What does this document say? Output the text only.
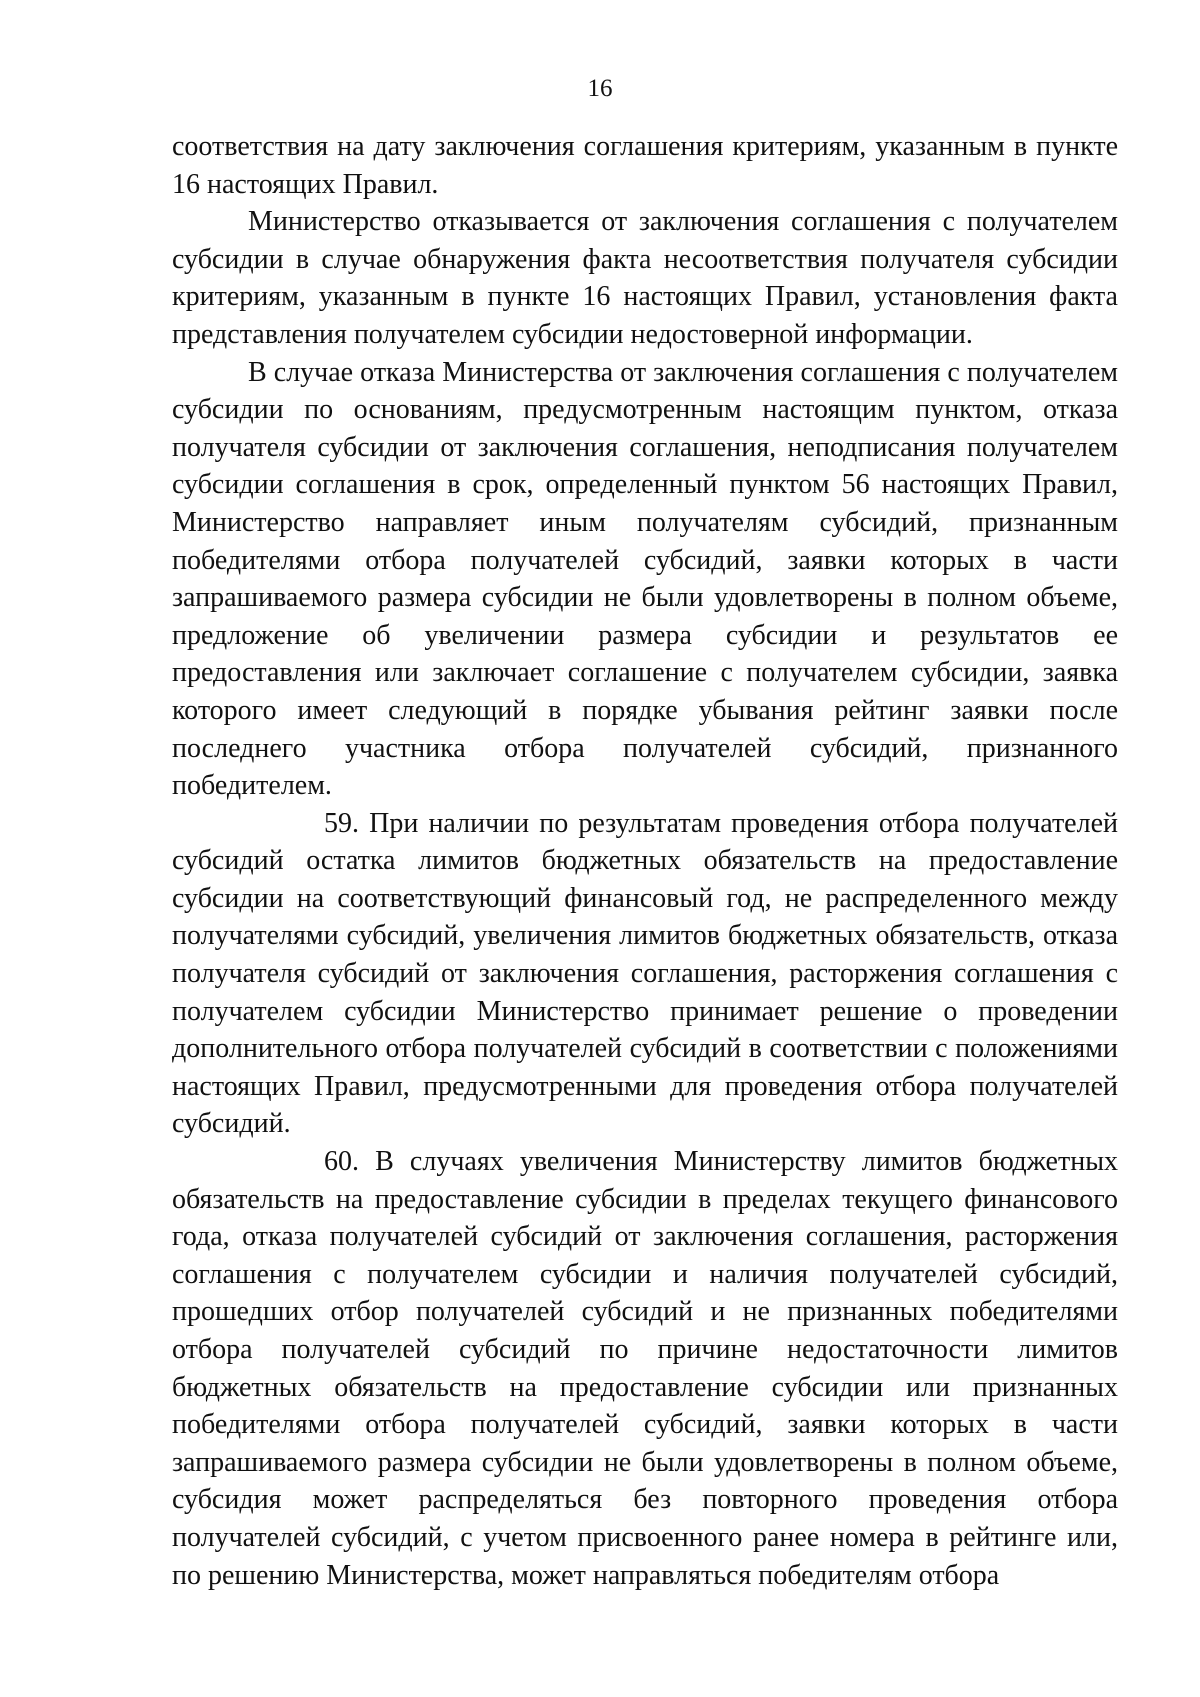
16

соответствия на дату заключения соглашения критериям, указанным в пункте 16 настоящих Правил.

Министерство отказывается от заключения соглашения с получателем субсидии в случае обнаружения факта несоответствия получателя субсидии критериям, указанным в пункте 16 настоящих Правил, установления факта представления получателем субсидии недостоверной информации.

В случае отказа Министерства от заключения соглашения с получателем субсидии по основаниям, предусмотренным настоящим пунктом, отказа получателя субсидии от заключения соглашения, неподписания получателем субсидии соглашения в срок, определенный пунктом 56 настоящих Правил, Министерство направляет иным получателям субсидий, признанным победителями отбора получателей субсидий, заявки которых в части запрашиваемого размера субсидии не были удовлетворены в полном объеме, предложение об увеличении размера субсидии и результатов ее предоставления или заключает соглашение с получателем субсидии, заявка которого имеет следующий в порядке убывания рейтинг заявки после последнего участника отбора получателей субсидий, признанного победителем.

59. При наличии по результатам проведения отбора получателей субсидий остатка лимитов бюджетных обязательств на предоставление субсидии на соответствующий финансовый год, не распределенного между получателями субсидий, увеличения лимитов бюджетных обязательств, отказа получателя субсидий от заключения соглашения, расторжения соглашения с получателем субсидии Министерство принимает решение о проведении дополнительного отбора получателей субсидий в соответствии с положениями настоящих Правил, предусмотренными для проведения отбора получателей субсидий.

60. В случаях увеличения Министерству лимитов бюджетных обязательств на предоставление субсидии в пределах текущего финансового года, отказа получателей субсидий от заключения соглашения, расторжения соглашения с получателем субсидии и наличия получателей субсидий, прошедших отбор получателей субсидий и не признанных победителями отбора получателей субсидий по причине недостаточности лимитов бюджетных обязательств на предоставление субсидии или признанных победителями отбора получателей субсидий, заявки которых в части запрашиваемого размера субсидии не были удовлетворены в полном объеме, субсидия может распределяться без повторного проведения отбора получателей субсидий, с учетом присвоенного ранее номера в рейтинге или, по решению Министерства, может направляться победителям отбора
